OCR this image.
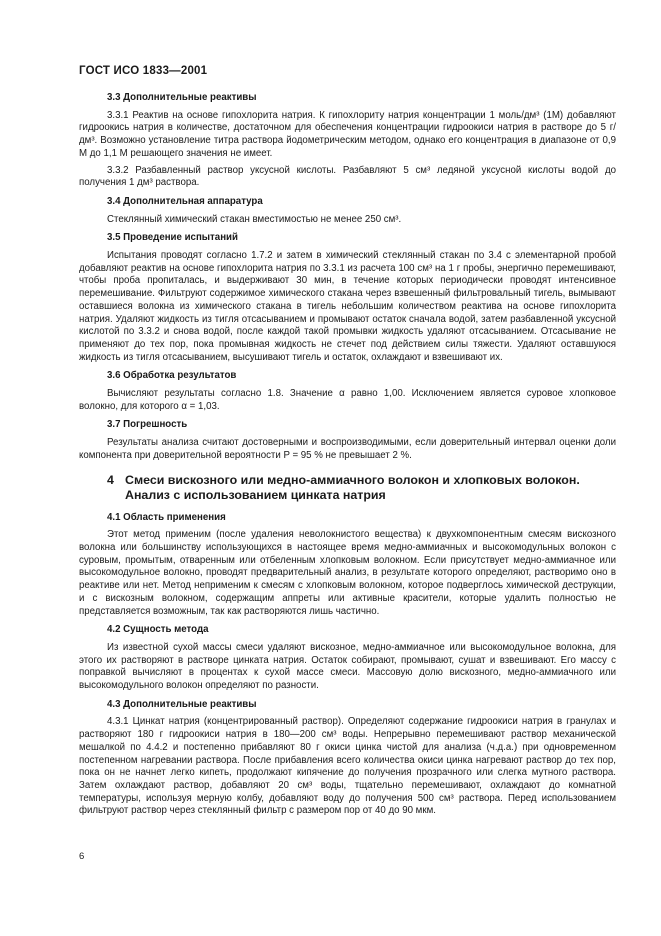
ГОСТ ИСО 1833—2001
3.3 Дополнительные реактивы
3.3.1 Реактив на основе гипохлорита натрия. К гипохлориту натрия концентрации 1 моль/дм³ (1М) добавляют гидроокись натрия в количестве, достаточном для обеспечения концентрации гидроокиси натрия в растворе до 5 г/дм³. Возможно установление титра раствора йодометрическим методом, однако его концентрация в диапазоне от 0,9 М до 1,1 М решающего значения не имеет.
3.3.2 Разбавленный раствор уксусной кислоты. Разбавляют 5 см³ ледяной уксусной кислоты водой до получения 1 дм³ раствора.
3.4 Дополнительная аппаратура
Стеклянный химический стакан вместимостью не менее 250 см³.
3.5 Проведение испытаний
Испытания проводят согласно 1.7.2 и затем в химический стеклянный стакан по 3.4 с элементарной пробой добавляют реактив на основе гипохлорита натрия по 3.3.1 из расчета 100 см³ на 1 г пробы, энергично перемешивают, чтобы проба пропиталась, и выдерживают 30 мин, в течение которых периодически проводят интенсивное перемешивание. Фильтруют содержимое химического стакана через взвешенный фильтровальный тигель, вымывают оставшиеся волокна из химического стакана в тигель небольшим количеством реактива на основе гипохлорита натрия. Удаляют жидкость из тигля отсасыванием и промывают остаток сначала водой, затем разбавленной уксусной кислотой по 3.3.2 и снова водой, после каждой такой промывки жидкость удаляют отсасыванием. Отсасывание не применяют до тех пор, пока промывная жидкость не стечет под действием силы тяжести. Удаляют оставшуюся жидкость из тигля отсасыванием, высушивают тигель и остаток, охлаждают и взвешивают их.
3.6 Обработка результатов
Вычисляют результаты согласно 1.8. Значение α равно 1,00. Исключением является суровое хлопковое волокно, для которого α = 1,03.
3.7 Погрешность
Результаты анализа считают достоверными и воспроизводимыми, если доверительный интервал оценки доли компонента при доверительной вероятности P = 95 % не превышает 2 %.
4 Смеси вискозного или медно-аммиачного волокон и хлопковых волокон.
Анализ с использованием цинката натрия
4.1 Область применения
Этот метод применим (после удаления неволокнистого вещества) к двухкомпонентным смесям вискозного волокна или большинству использующихся в настоящее время медно-аммиачных и высокомодульных волокон с суровым, промытым, отваренным или отбеленным хлопковым волокном. Если присутствует медно-аммиачное или высокомодульное волокно, проводят предварительный анализ, в результате которого определяют, растворимо оно в реактиве или нет. Метод неприменим к смесям с хлопковым волокном, которое подверглось химической деструкции, и с вискозным волокном, содержащим аппреты или активные красители, которые удалить полностью не представляется возможным, так как растворяются лишь частично.
4.2 Сущность метода
Из известной сухой массы смеси удаляют вискозное, медно-аммиачное или высокомодульное волокна, для этого их растворяют в растворе цинката натрия. Остаток собирают, промывают, сушат и взвешивают. Его массу с поправкой вычисляют в процентах к сухой массе смеси. Массовую долю вискозного, медно-аммиачного или высокомодульного волокон определяют по разности.
4.3 Дополнительные реактивы
4.3.1 Цинкат натрия (концентрированный раствор). Определяют содержание гидроокиси натрия в гранулах и растворяют 180 г гидроокиси натрия в 180—200 см³ воды. Непрерывно перемешивают раствор механической мешалкой по 4.4.2 и постепенно прибавляют 80 г окиси цинка чистой для анализа (ч.д.а.) при одновременном постепенном нагревании раствора. После прибавления всего количества окиси цинка нагревают раствор до тех пор, пока он не начнет легко кипеть, продолжают кипячение до получения прозрачного или слегка мутного раствора. Затем охлаждают раствор, добавляют 20 см³ воды, тщательно перемешивают, охлаждают до комнатной температуры, используя мерную колбу, добавляют воду до получения 500 см³ раствора. Перед использованием фильтруют раствор через стеклянный фильтр с размером пор от 40 до 90 мкм.
6
